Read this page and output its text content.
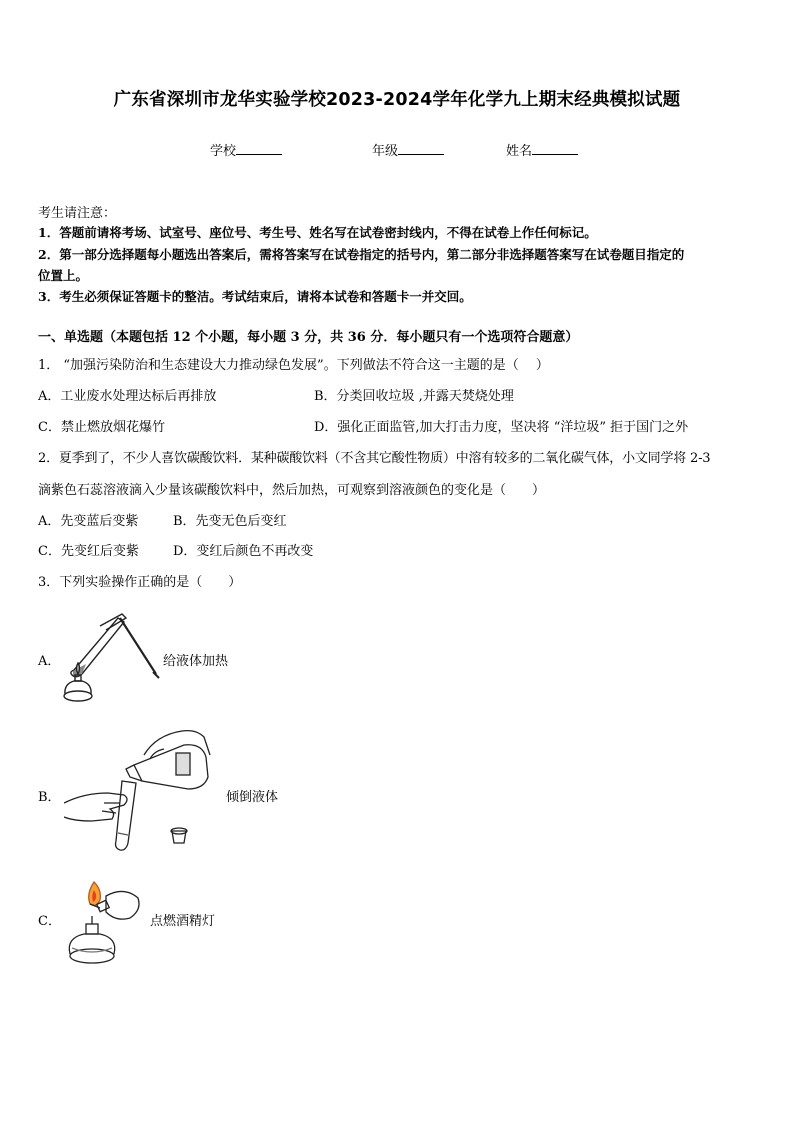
广东省深圳市龙华实验学校2023-2024学年化学九上期末经典模拟试题
学校	年级	姓名
考生请注意：
1．答题前请将考场、试室号、座位号、考生号、姓名写在试卷密封线内，不得在试卷上作任何标记。
2．第一部分选择题每小题选出答案后，需将答案写在试卷指定的括号内，第二部分非选择题答案写在试卷题目指定的
位置上。
3．考生必须保证答题卡的整洁。考试结束后，请将本试卷和答题卡一并交回。
一、单选题（本题包括 12 个小题，每小题 3 分，共 36 分．每小题只有一个选项符合题意）
1． “加强污染防治和生态建设大力推动绿色发展”。下列做法不符合这一主题的是（　 ）
A．工业废水处理达标后再排放	B．分类回收垃圾 ,并露天焚烧处理
C．禁止燃放烟花爆竹	D．强化正面监管,加大打击力度，坚决将 “洋垃圾” 拒于国门之外
2．夏季到了，不少人喜饮碳酸饮料．某种碳酸饮料（不含其它酸性物质）中溶有较多的二氧化碳气体，小文同学将 2-3
滴紫色石蕊溶液滴入少量该碳酸饮料中，然后加热，可观察到溶液颜色的变化是（　　）
A．先变蓝后变紫	B．先变无色后变红
C．先变红后变紫	D．变红后颜色不再改变
3．下列实验操作正确的是（　　）
A．	给液体加热
B．	倾倒液体
C．	点燃酒精灯
